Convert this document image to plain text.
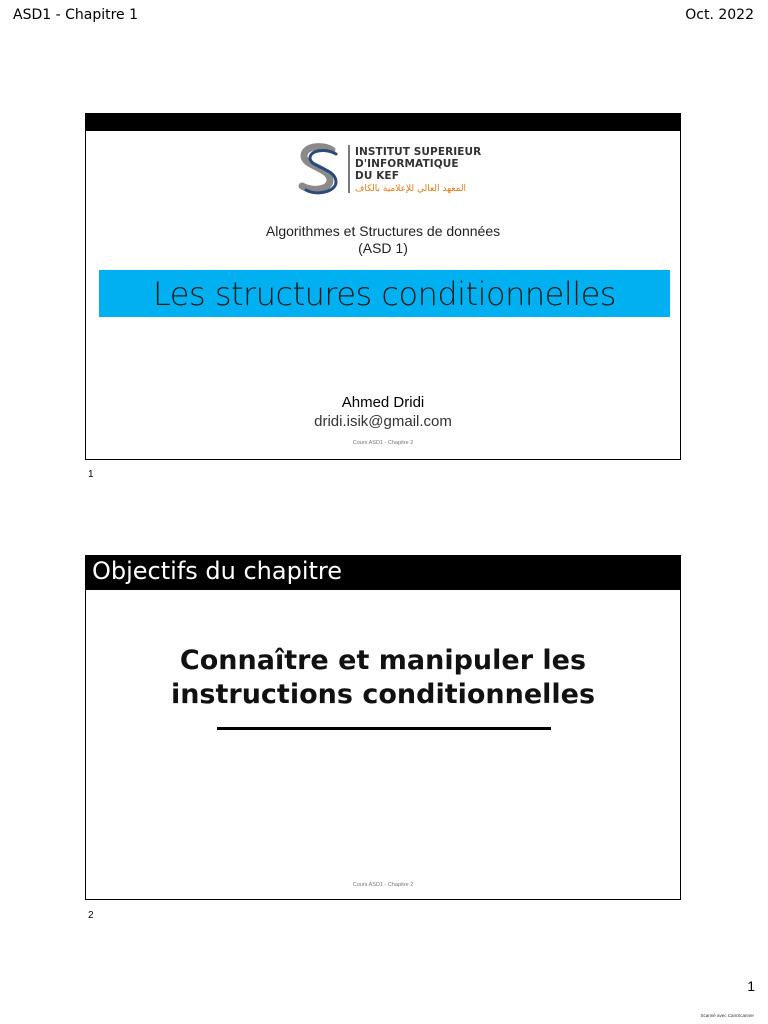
ASD1 - Chapitre 1	Oct. 2022
INSTITUT SUPERIEUR
D'INFORMATIQUE
DU KEF
المعهد العالي للإعلامية بالكاف
Algorithmes et Structures de données
(ASD 1)
Les structures conditionnelles
Ahmed Dridi
dridi.isik@gmail.com
Cours ASD1 - Chapitre 2
1
Objectifs du chapitre
Connaître et manipuler les
instructions conditionnelles
Cours ASD1 - Chapitre 2
2
1
Scanné avec CamScanner
